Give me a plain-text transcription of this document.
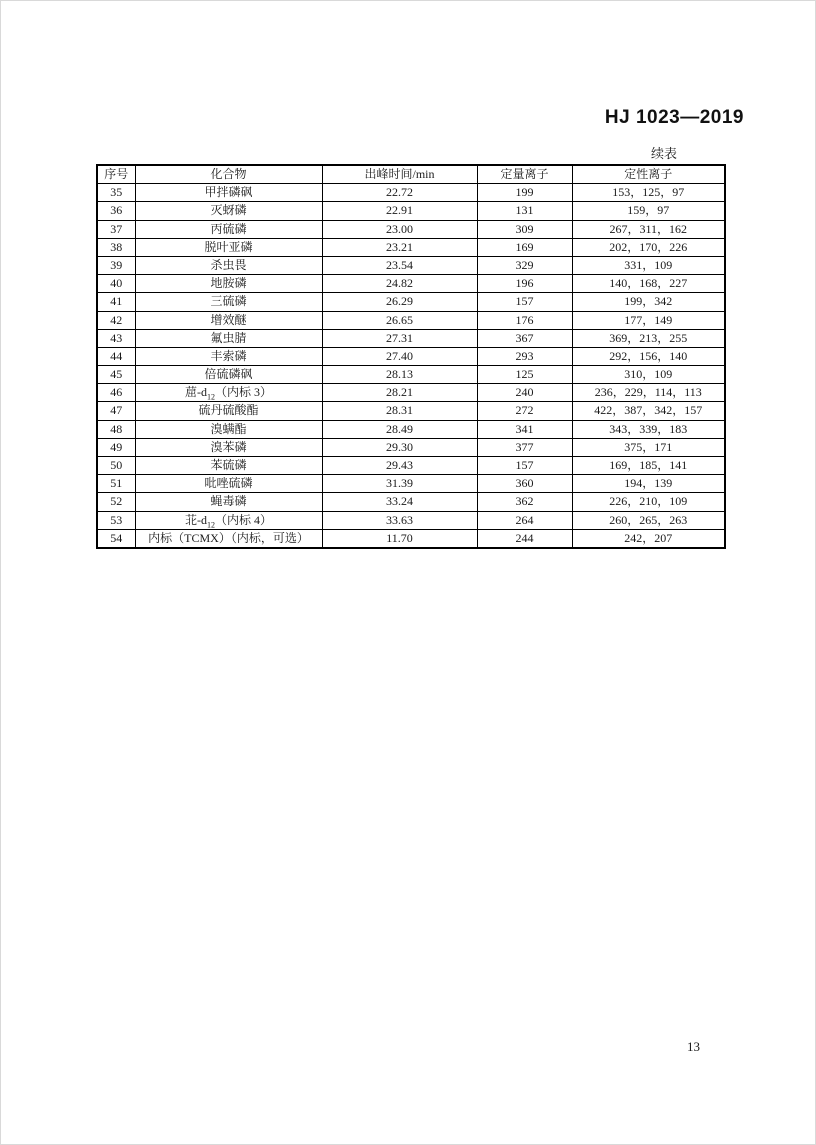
HJ 1023—2019
续表
序号	化合物	出峰时间/min	定量离子	定性离子
35	甲拌磷砜	22.72	199	153，125，97
36	灭蚜磷	22.91	131	159，97
37	丙硫磷	23.00	309	267，311，162
38	脱叶亚磷	23.21	169	202，170，226
39	杀虫畏	23.54	329	331，109
40	地胺磷	24.82	196	140，168，227
41	三硫磷	26.29	157	199，342
42	增效醚	26.65	176	177，149
43	氟虫腈	27.31	367	369，213，255
44	丰索磷	27.40	293	292，156，140
45	倍硫磷砜	28.13	125	310，109
46	䓛$-d_{12}$（内标 3）	28.21	240	236，229，114，113
47	硫丹硫酸酯	28.31	272	422，387，342，157
48	溴螨酯	28.49	341	343，339，183
49	溴苯磷	29.30	377	375，171
50	苯硫磷	29.43	157	169，185，141
51	吡唑硫磷	31.39	360	194，139
52	蝇毒磷	33.24	362	226，210，109
53	苝$-d_{12}$（内标 4）	33.63	264	260，265，263
54	内标（TCMX）（内标，可选）	11.70	244	242，207
13
